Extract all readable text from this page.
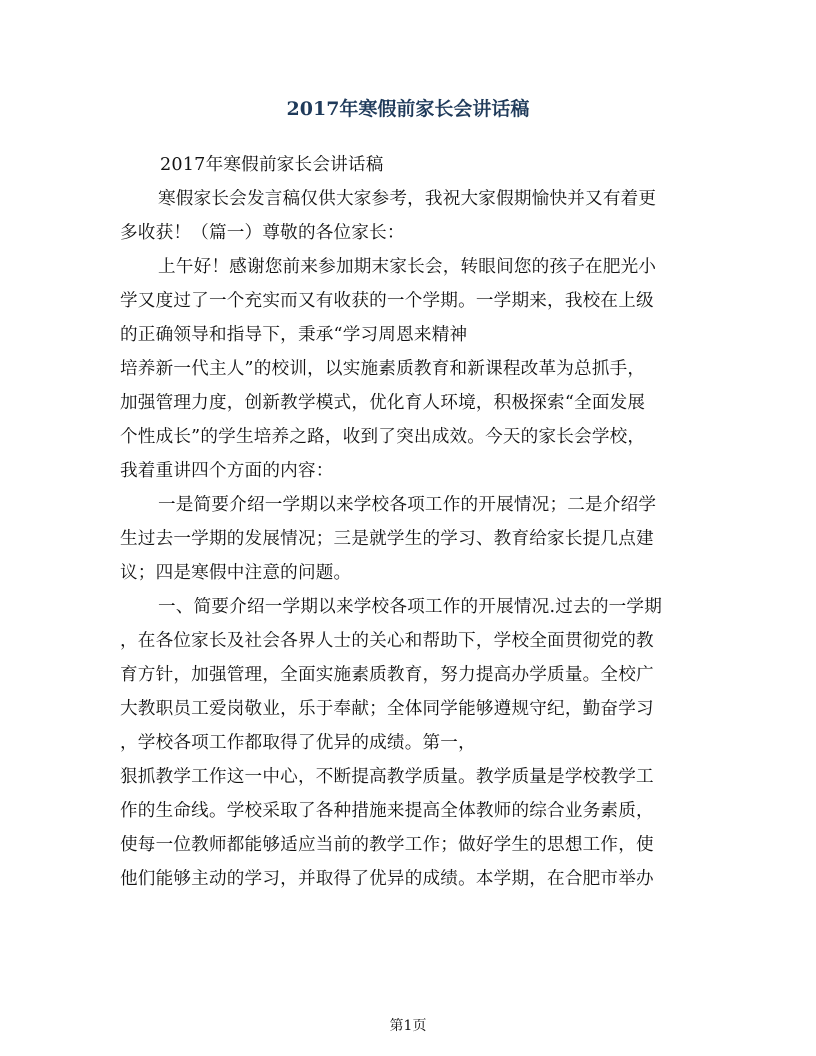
2017年寒假前家长会讲话稿
2017年寒假前家长会讲话稿
寒假家长会发言稿仅供大家参考，我祝大家假期愉快并又有着更
多收获！（篇一）尊敬的各位家长：
上午好！感谢您前来参加期末家长会，转眼间您的孩子在肥光小
学又度过了一个充实而又有收获的一个学期。一学期来，我校在上级
的正确领导和指导下，秉承“学习周恩来精神
培养新一代主人”的校训，以实施素质教育和新课程改革为总抓手，
加强管理力度，创新教学模式，优化育人环境，积极探索“全面发展
个性成长”的学生培养之路，收到了突出成效。今天的家长会学校，
我着重讲四个方面的内容：
一是简要介绍一学期以来学校各项工作的开展情况；二是介绍学
生过去一学期的发展情况；三是就学生的学习、教育给家长提几点建
议；四是寒假中注意的问题。
一、简要介绍一学期以来学校各项工作的开展情况.过去的一学期
，在各位家长及社会各界人士的关心和帮助下，学校全面贯彻党的教
育方针，加强管理，全面实施素质教育，努力提高办学质量。全校广
大教职员工爱岗敬业，乐于奉献；全体同学能够遵规守纪，勤奋学习
，学校各项工作都取得了优异的成绩。第一，
狠抓教学工作这一中心，不断提高教学质量。教学质量是学校教学工
作的生命线。学校采取了各种措施来提高全体教师的综合业务素质，
使每一位教师都能够适应当前的教学工作；做好学生的思想工作，使
他们能够主动的学习，并取得了优异的成绩。本学期，在合肥市举办
第1页
